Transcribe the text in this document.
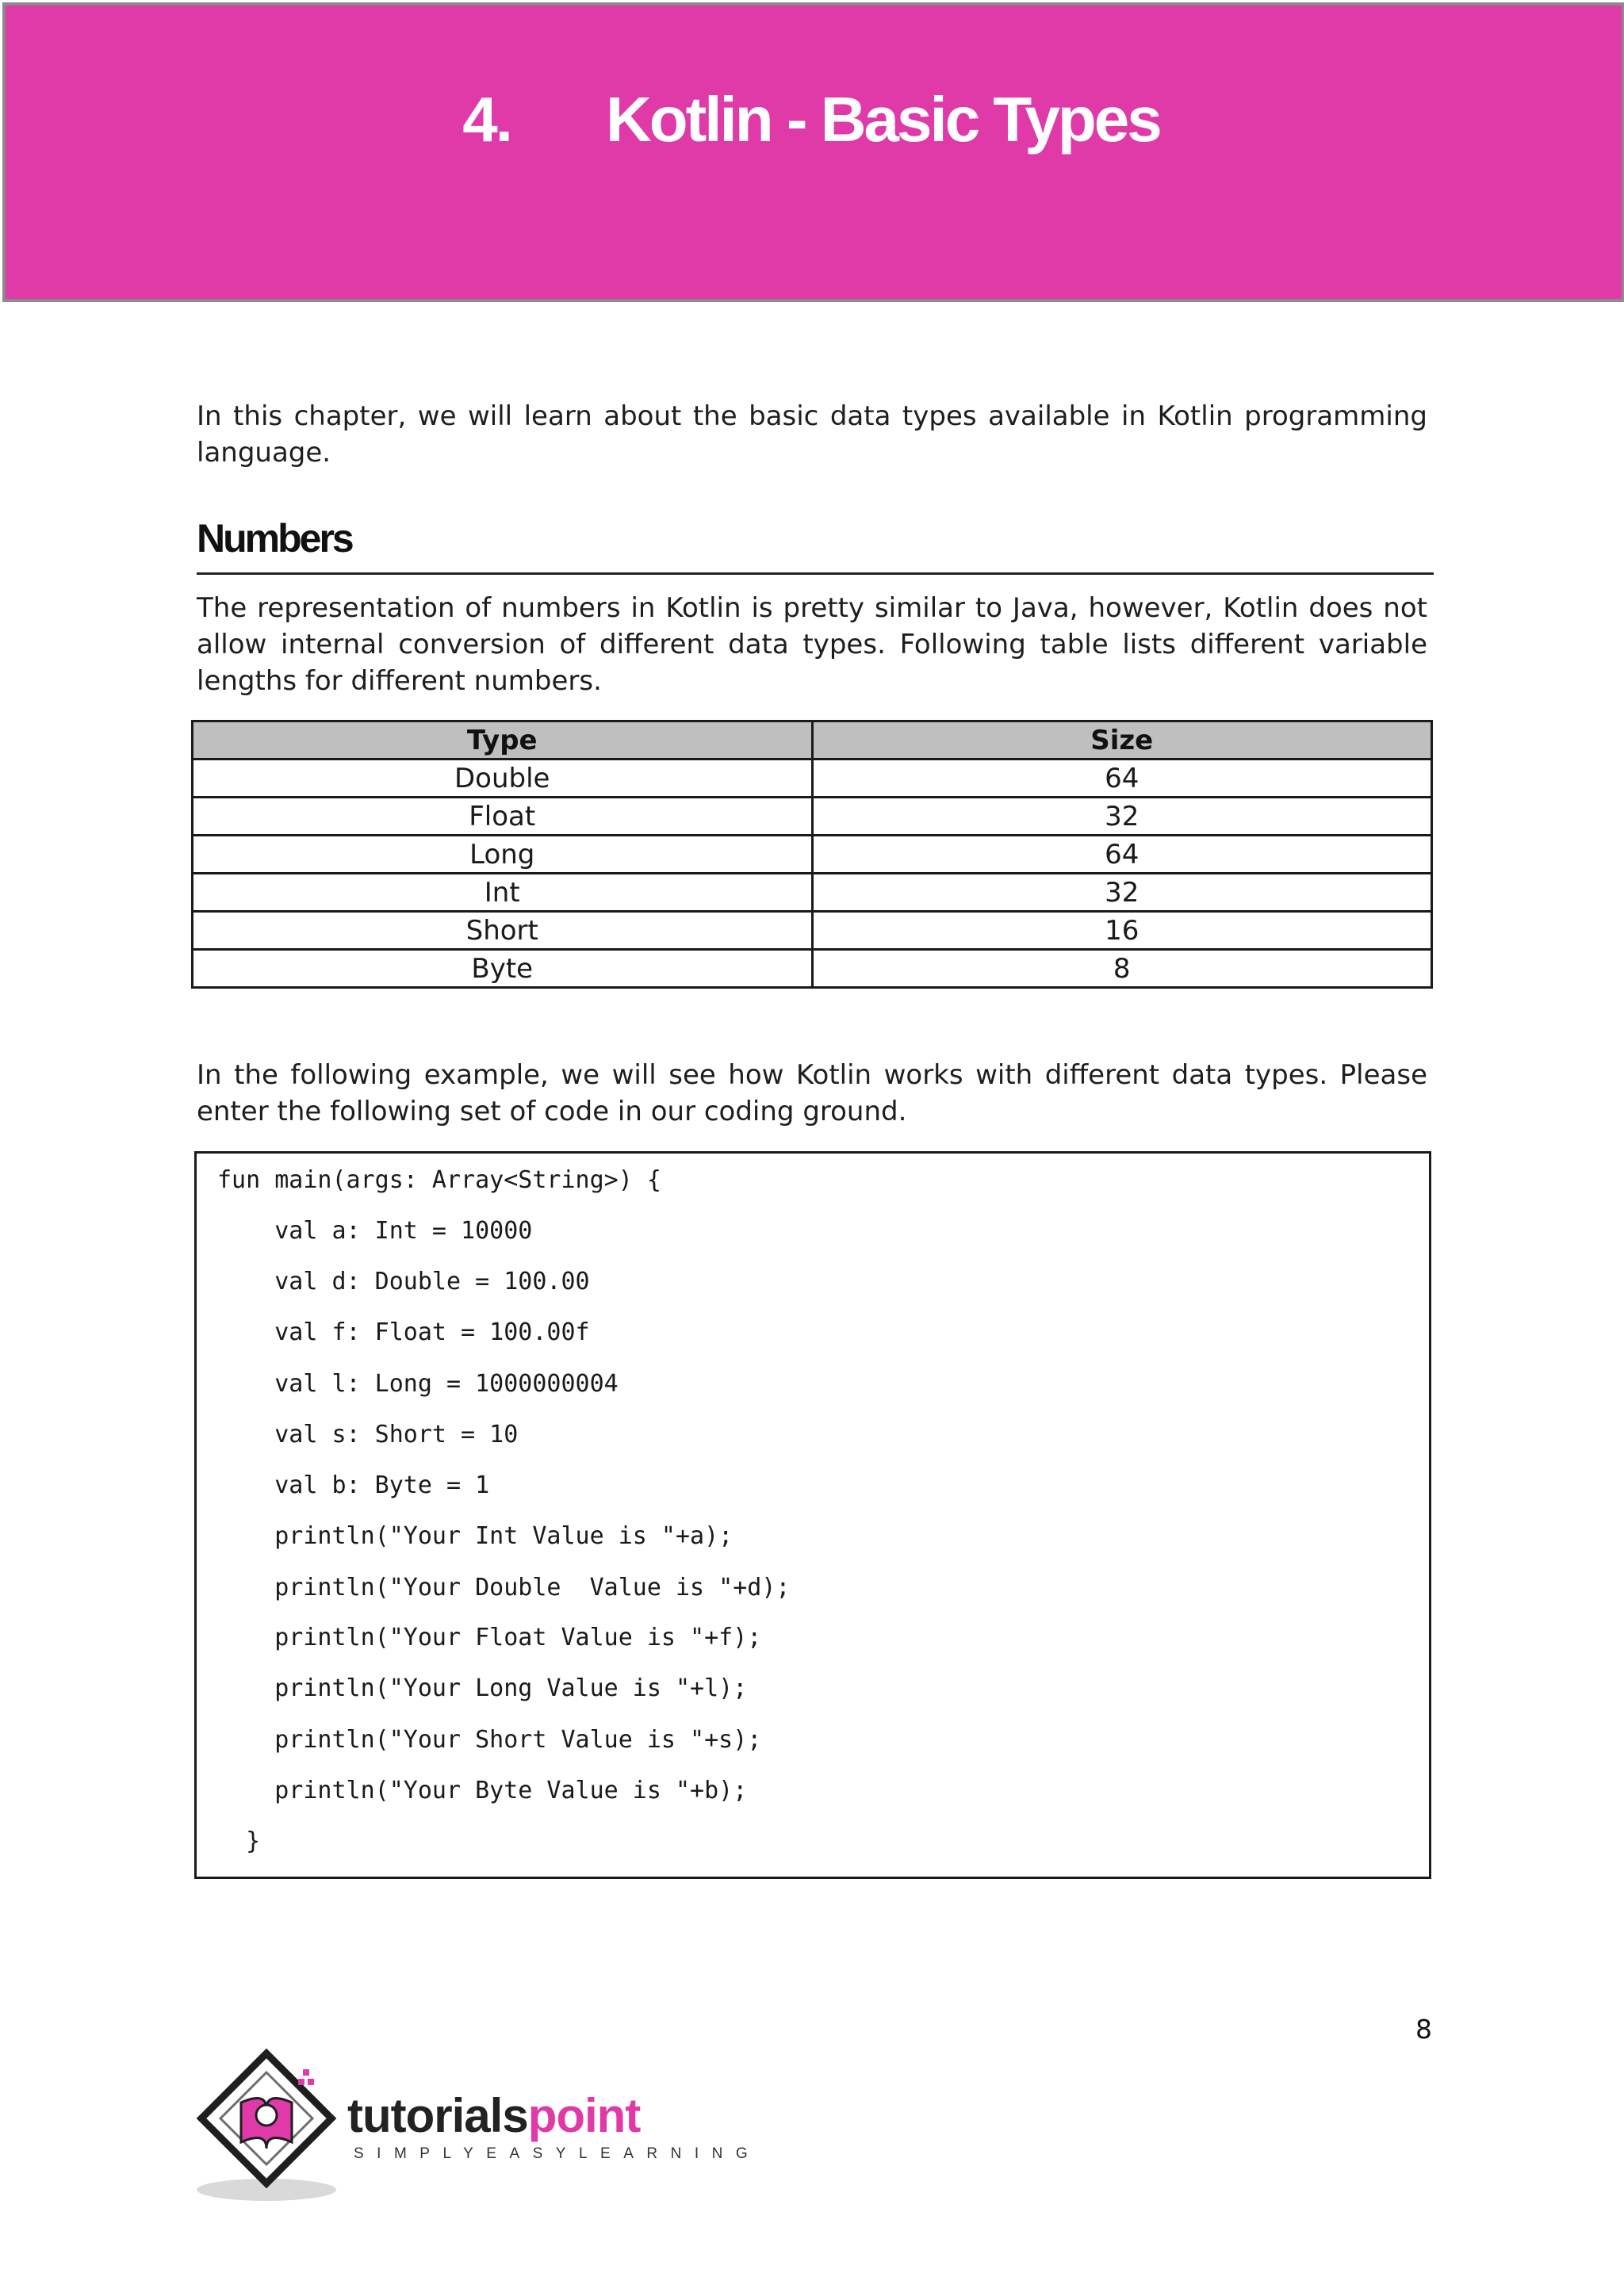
4. Kotlin - Basic Types

In this chapter, we will learn about the basic data types available in Kotlin programming language.

Numbers

The representation of numbers in Kotlin is pretty similar to Java, however, Kotlin does not allow internal conversion of different data types. Following table lists different variable lengths for different numbers.

Type	Size
Double	64
Float	32
Long	64
Int	32
Short	16
Byte	8

In the following example, we will see how Kotlin works with different data types. Please enter the following set of code in our coding ground.

fun main(args: Array<String>) {
val a: Int = 10000
val d: Double = 100.00
val f: Float = 100.00f
val l: Long = 1000000004
val s: Short = 10
val b: Byte = 1
println("Your Int Value is "+a);
println("Your Double  Value is "+d);
println("Your Float Value is "+f);
println("Your Long Value is "+l);
println("Your Short Value is "+s);
println("Your Byte Value is "+b);
}
8
tutorialspoint
SIMPLYEASYLEARNING
